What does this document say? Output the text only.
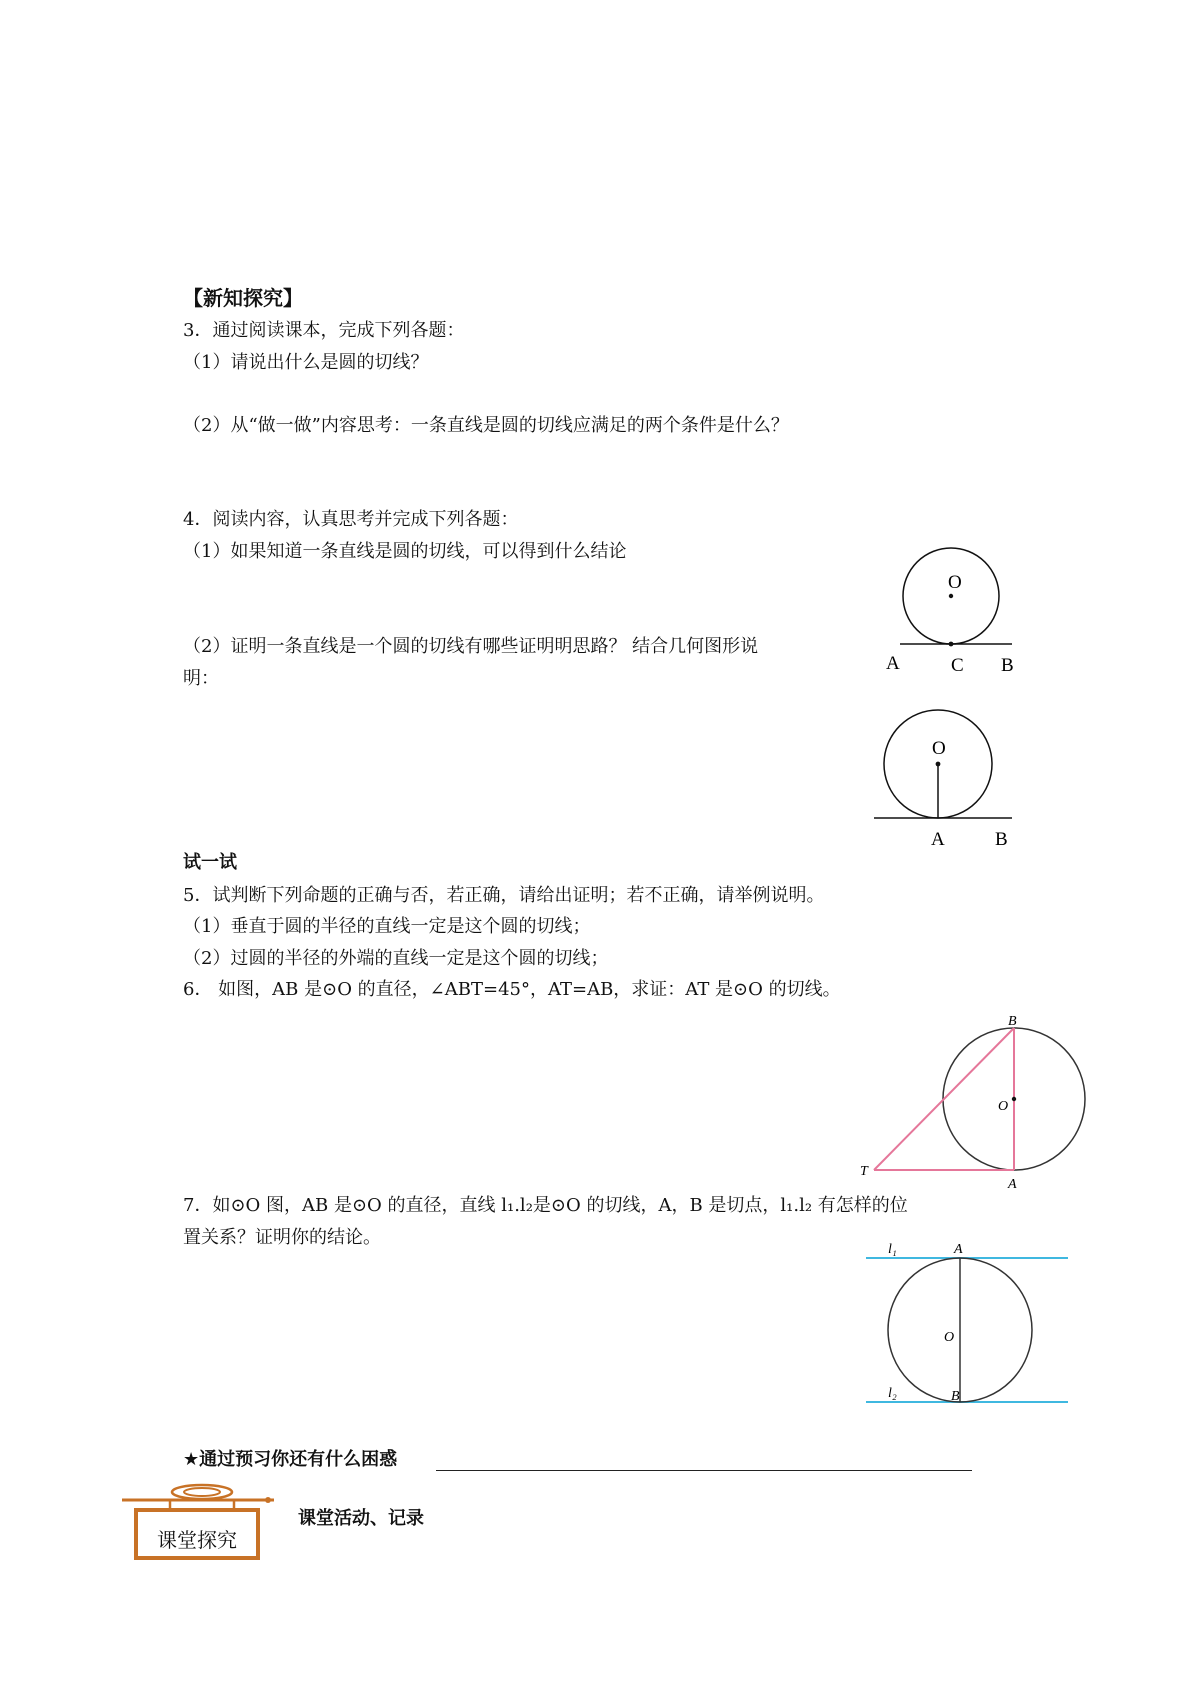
【新知探究】
3．通过阅读课本，完成下列各题：
（1）请说出什么是圆的切线？
（2）从“做一做”内容思考：一条直线是圆的切线应满足的两个条件是什么？
4．阅读内容，认真思考并完成下列各题：
（1）如果知道一条直线是圆的切线，可以得到什么结论
（2）证明一条直线是一个圆的切线有哪些证明明思路？ 结合几何图形说
明：
O
A	C B
O
A	B
试一试
5．试判断下列命题的正确与否，若正确，请给出证明；若不正确，请举例说明。
（1）垂直于圆的半径的直线一定是这个圆的切线；
（2）过圆的半径的外端的直线一定是这个圆的切线；
6． 如图，AB 是⊙O 的直径，∠ABT=45°，AT=AB，求证：AT 是⊙O 的切线。
B
O
T
A
7．如⊙O 图，AB 是⊙O 的直径，直线 l₁.l₂是⊙O 的切线，A，B 是切点，l₁.l₂ 有怎样的位
置关系？证明你的结论。
l₁
l₂
A
O
B
★通过预习你还有什么困惑
课堂探究
课堂活动、记录
